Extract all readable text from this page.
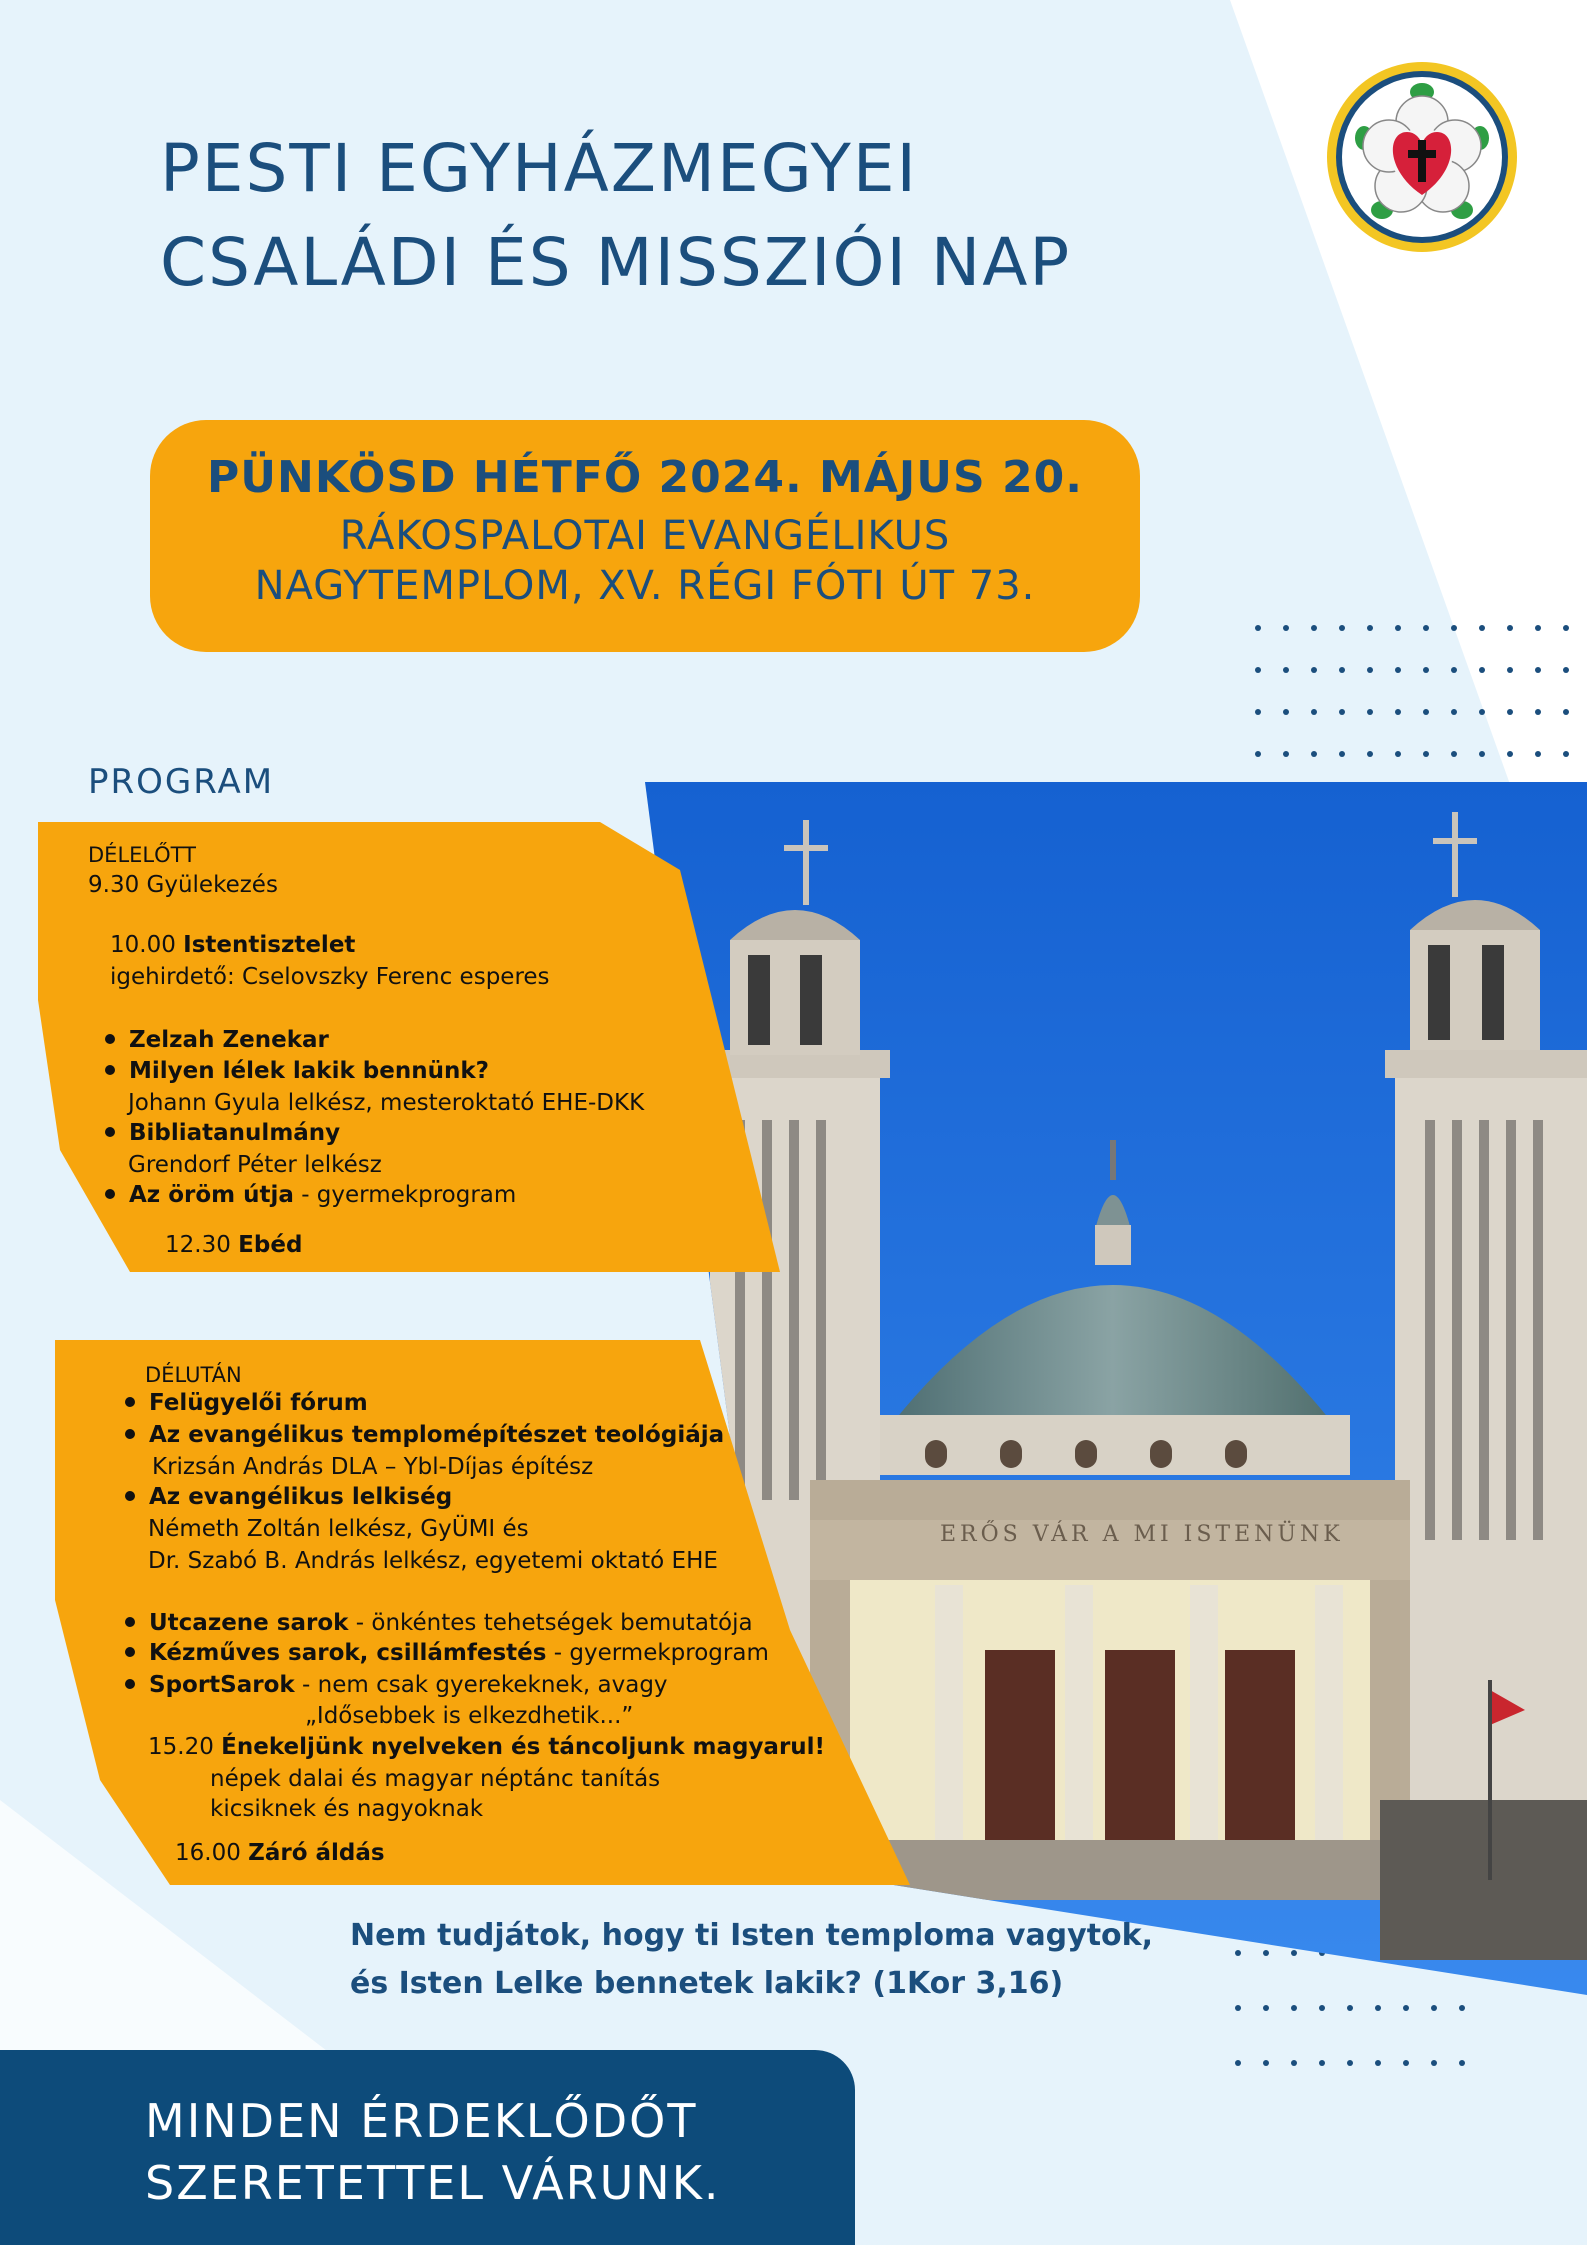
PESTI EGYHÁZMEGYEI
CSALÁDI ÉS MISSZIÓI NAP
PÜNKÖSD HÉTFŐ 2024. MÁJUS 20.
RÁKOSPALOTAI EVANGÉLIKUS
NAGYTEMPLOM, XV. RÉGI FÓTI ÚT 73.
PROGRAM
ERŐS VÁR A MI ISTENÜNK
DÉLELŐTT
9.30 Gyülekezés
10.00 Istentisztelet
igehirdető: Cselovszky Ferenc esperes
Zelzah Zenekar
Milyen lélek lakik bennünk?
Johann Gyula lelkész, mesteroktató EHE-DKK
Bibliatanulmány
Grendorf Péter lelkész
Az öröm útja - gyermekprogram
12.30 Ebéd
DÉLUTÁN
Felügyelői fórum
Az evangélikus templomépítészet teológiája
Krizsán András DLA – Ybl-Díjas építész
Az evangélikus lelkiség
Németh Zoltán lelkész, GyÜMI és
Dr. Szabó B. András lelkész, egyetemi oktató EHE
Utcazene sarok - önkéntes tehetségek bemutatója
Kézműves sarok, csillámfestés - gyermekprogram
SportSarok - nem csak gyerekeknek, avagy
„Idősebbek is elkezdhetik...”
15.20 Énekeljünk nyelveken és táncoljunk magyarul!
népek dalai és magyar néptánc tanítás
kicsiknek és nagyoknak
16.00 Záró áldás
Nem tudjátok, hogy ti Isten temploma vagytok,
és Isten Lelke bennetek lakik? (1Kor 3,16)
MINDEN ÉRDEKLŐDŐT
SZERETETTEL VÁRUNK.
